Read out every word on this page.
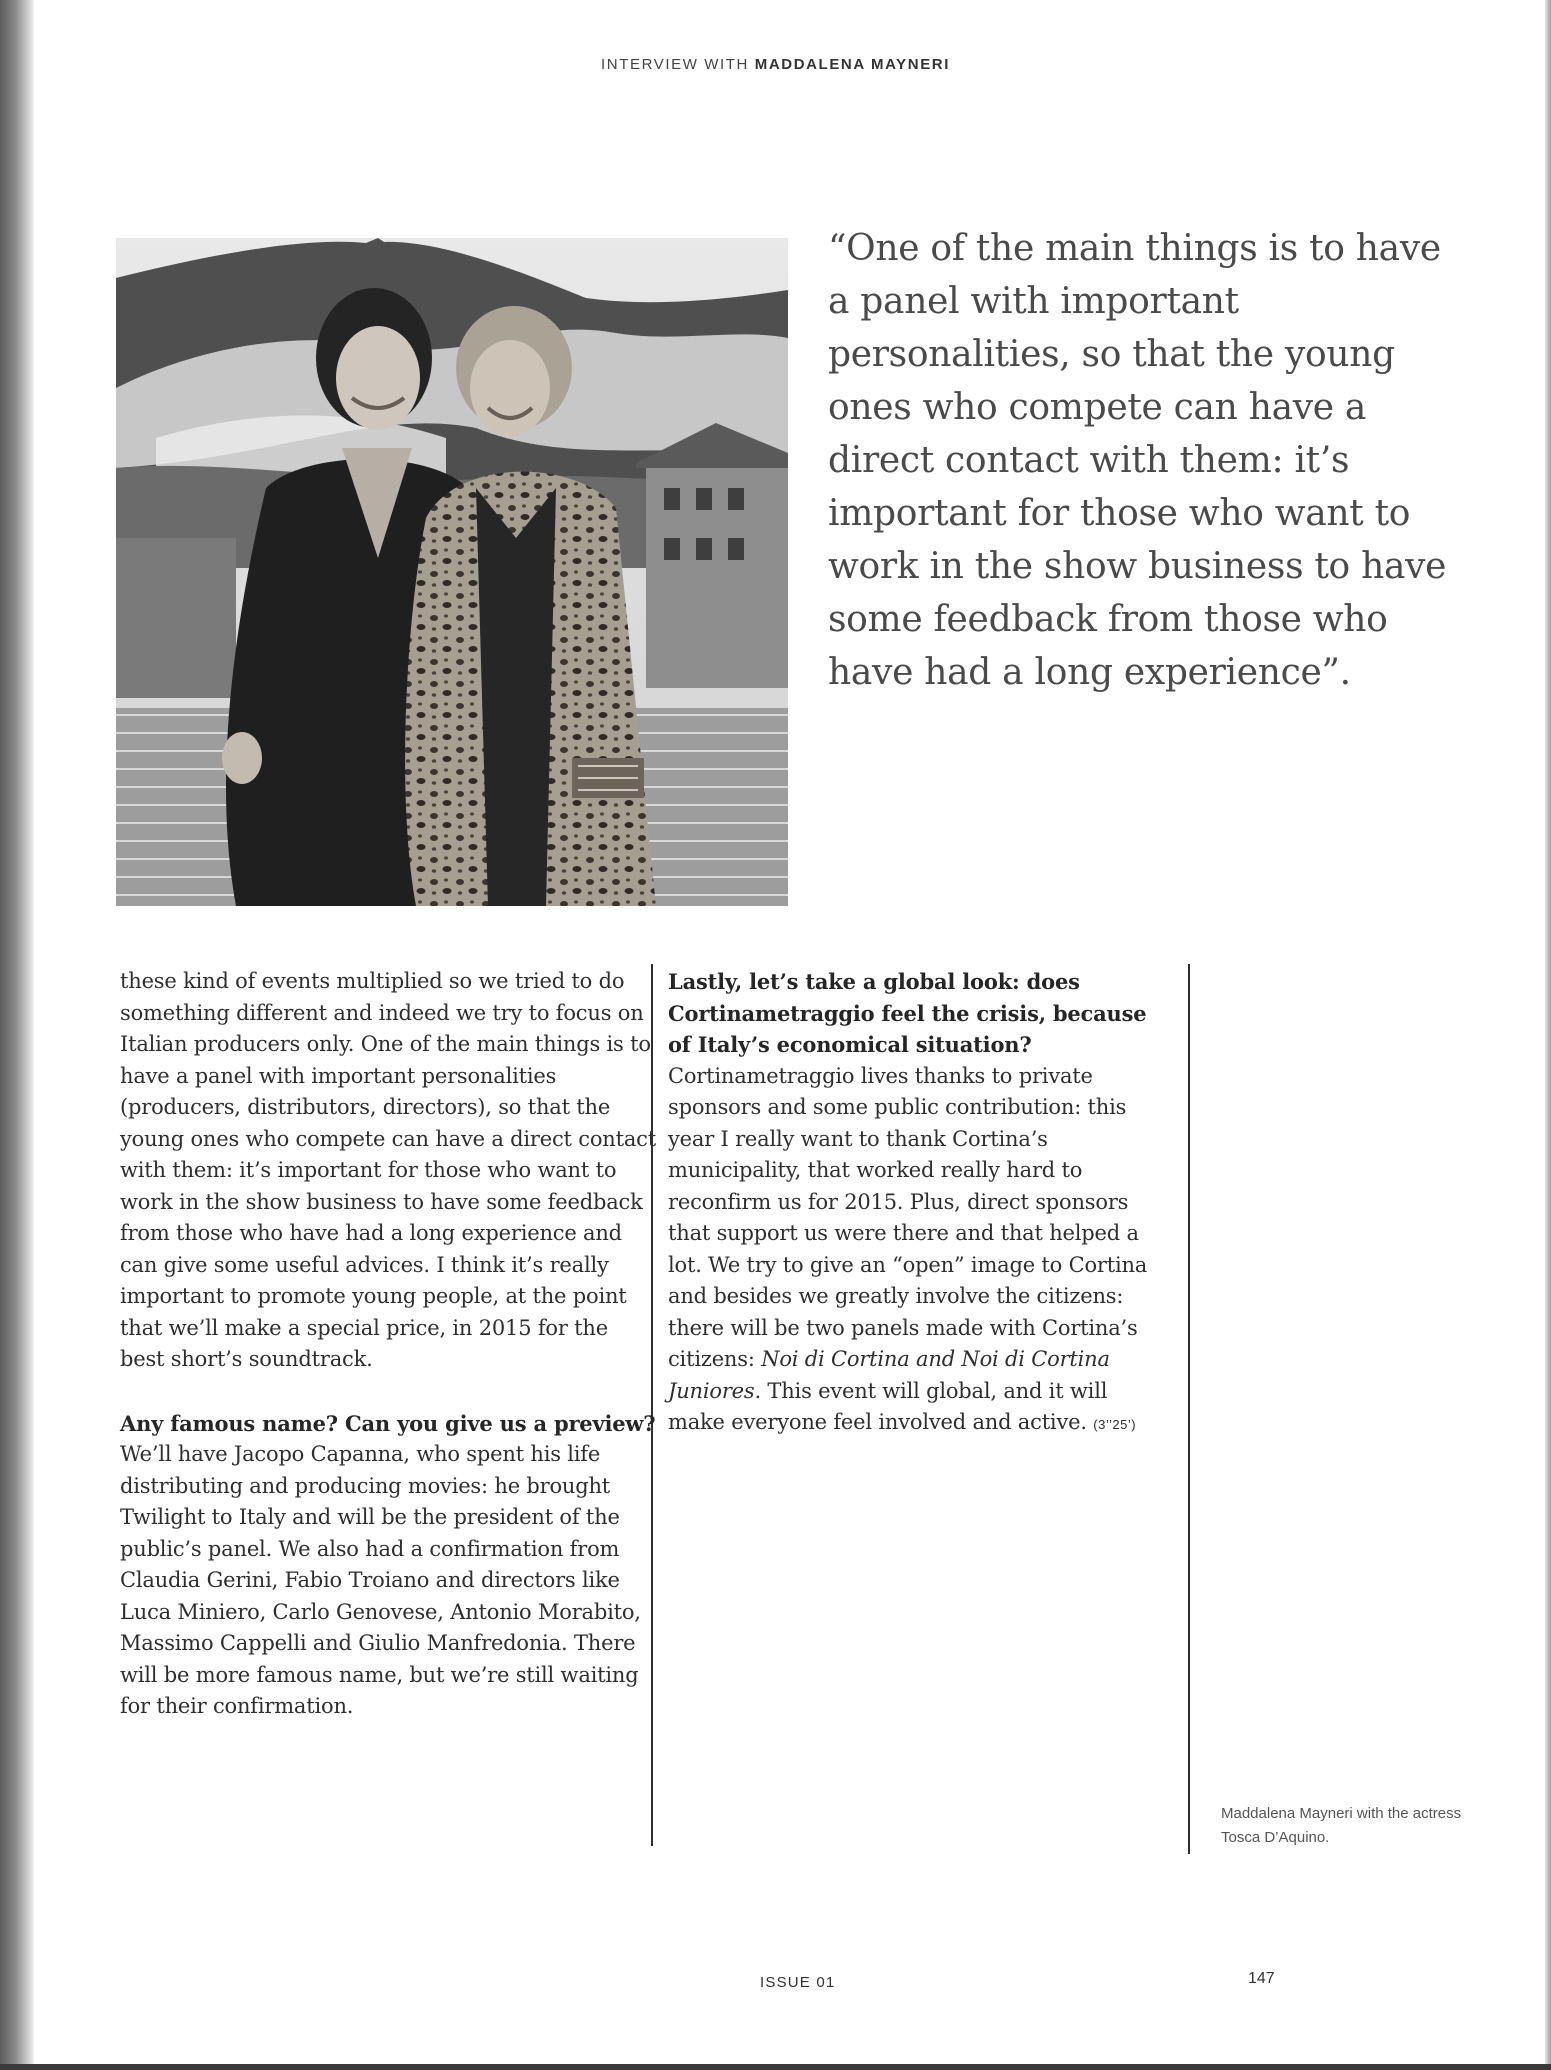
INTERVIEW WITH MADDALENA MAYNERI
“One of the main things is to have a panel with important personalities, so that the young ones who compete can have a direct contact with them: it’s important for those who want to work in the show business to have some feedback from those who have had a long experience”.

these kind of events multiplied so we tried to do something different and indeed we try to focus on Italian producers only. One of the main things is to have a panel with important personalities (producers, distributors, directors), so that the young ones who compete can have a direct contact with them: it’s important for those who want to work in the show business to have some feedback from those who have had a long experience and can give some useful advices. I think it’s really important to promote young people, at the point that we’ll make a special price, in 2015 for the best short’s soundtrack.

Any famous name? Can you give us a preview?

We’ll have Jacopo Capanna, who spent his life distributing and producing movies: he brought Twilight to Italy and will be the president of the public’s panel. We also had a confirmation from Claudia Gerini, Fabio Troiano and directors like Luca Miniero, Carlo Genovese, Antonio Morabito, Massimo Cappelli and Giulio Manfredonia. There will be more famous name, but we’re still waiting for their confirmation.

Lastly, let’s take a global look: does Cortinametraggio feel the crisis, because of Italy’s economical situation?

Cortinametraggio lives thanks to private sponsors and some public contribution: this year I really want to thank Cortina’s municipality, that worked really hard to reconfirm us for 2015. Plus, direct sponsors that support us were there and that helped a lot. We try to give an “open” image to Cortina and besides we greatly involve the citizens: there will be two panels made with Cortina’s citizens: Noi di Cortina and Noi di Cortina Juniores. This event will global, and it will make everyone feel involved and active. (3’’25’)

Maddalena Mayneri with the actress Tosca D’Aquino.
ISSUE 01	147
